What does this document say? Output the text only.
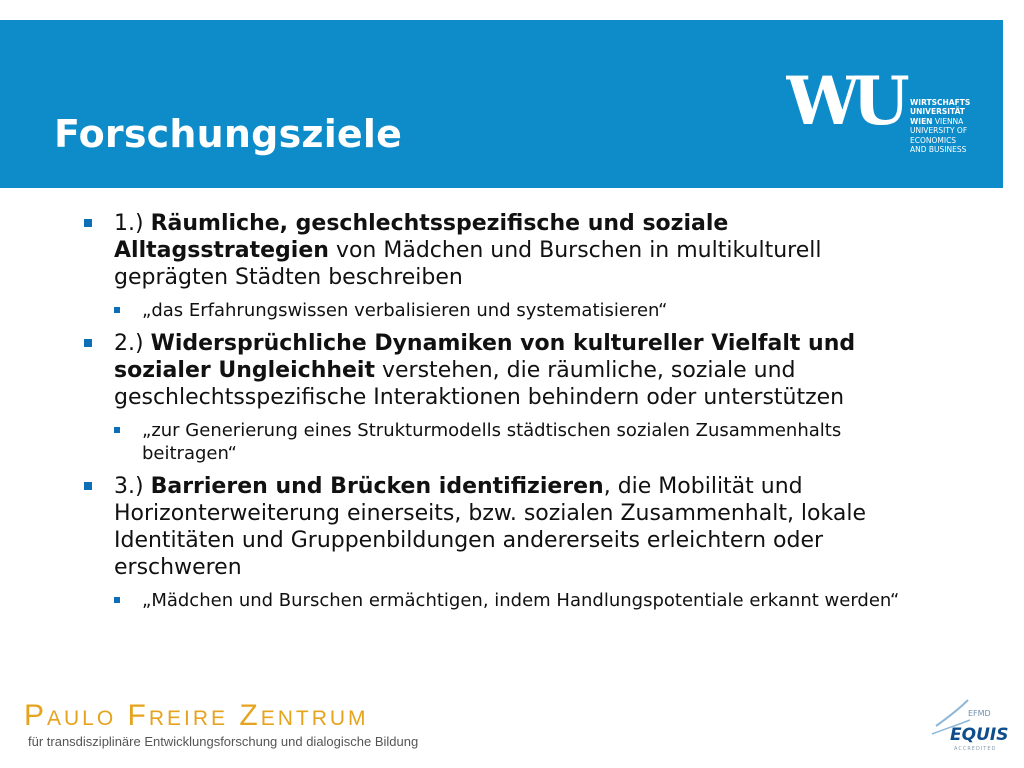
Forschungsziele	WU	WIRTSCHAFTS
UNIVERSITÄT
WIEN VIENNA
UNIVERSITY OF
ECONOMICS
AND BUSINESS
1.) Räumliche, geschlechtsspezifische und soziale Alltagsstrategien von Mädchen und Burschen in multikulturell geprägten Städten beschreiben
„das Erfahrungswissen verbalisieren und systematisieren“
2.) Widersprüchliche Dynamiken von kultureller Vielfalt und sozialer Ungleichheit verstehen, die räumliche, soziale und geschlechtsspezifische Interaktionen behindern oder unterstützen
„zur Generierung eines Strukturmodells städtischen sozialen Zusammenhalts beitragen“
3.) Barrieren und Brücken identifizieren, die Mobilität und Horizonterweiterung einerseits, bzw. sozialen Zusammenhalt, lokale Identitäten und Gruppenbildungen andererseits erleichtern oder erschweren
„Mädchen und Burschen ermächtigen, indem Handlungspotentiale erkannt werden“
Paulo Freire Zentrum
für transdisziplinäre Entwicklungsforschung und dialogische Bildung
EFMD
EQUIS
ACCREDITED
